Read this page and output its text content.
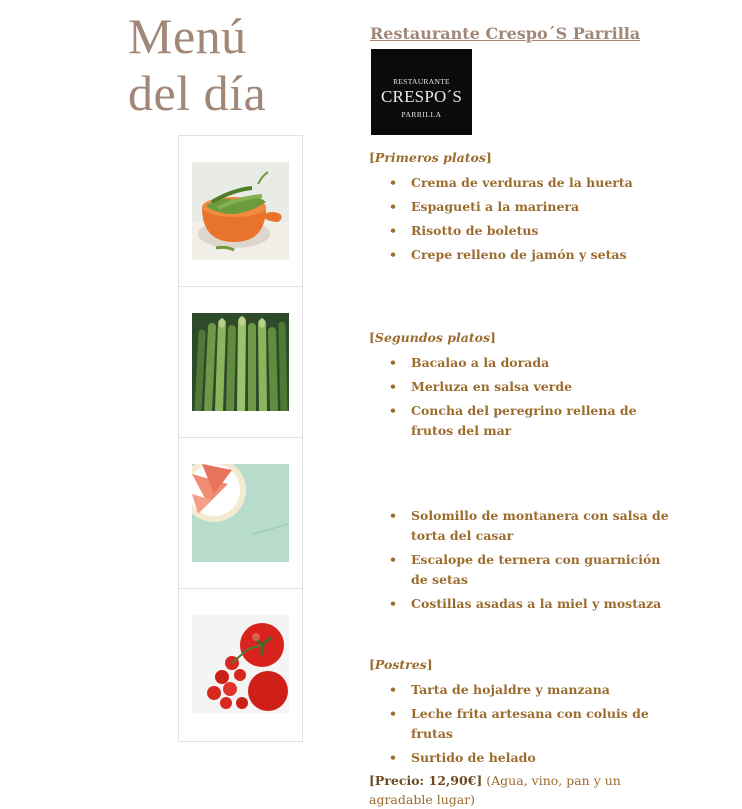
Menú
del día
Restaurante Crespo´S Parrilla
RESTAURANTE
CRESPO´S
PARRILLA

[Primeros platos]

• Crema de verduras de la huerta
• Espagueti a la marinera
• Risotto de boletus
• Crepe relleno de jamón y setas

[Segundos platos]

• Bacalao a la dorada
• Merluza en salsa verde
• Concha del peregrino rellena de frutos del mar
• Solomillo de montanera con salsa de torta del casar
• Escalope de ternera con guarnición de setas
• Costillas asadas a la miel y mostaza

[Postres]

• Tarta de hojaldre y manzana
• Leche frita artesana con coluis de frutas
• Surtido de helado

[Precio: 12,90€] (Agua, vino, pan y un agradable lugar)
